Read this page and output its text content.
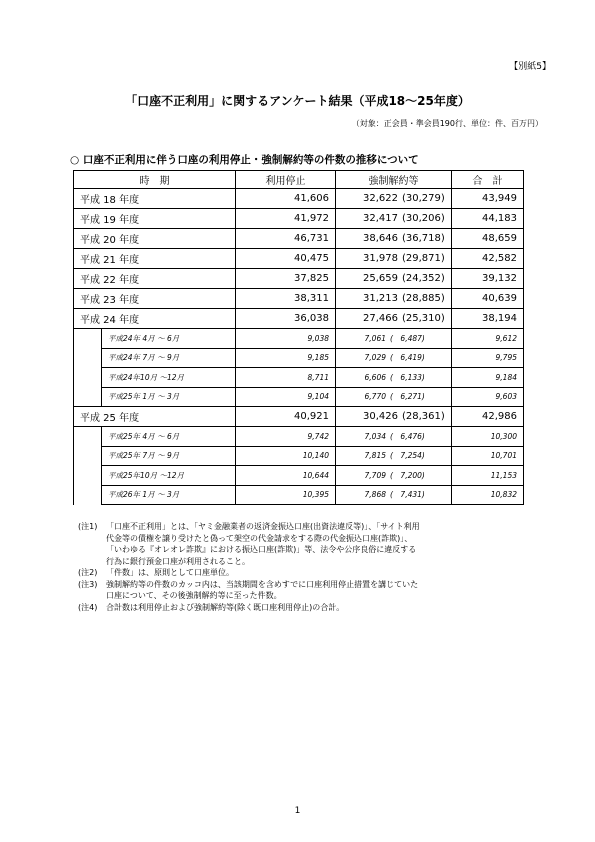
【別紙5】
「口座不正利用」に関するアンケート結果（平成18～25年度）
（対象：正会員・準会員190行、単位：件、百万円）
○ 口座不正利用に伴う口座の利用停止・強制解約等の件数の推移について
時　期		利用停止	強制解約等	合　計
平成 18 年度		41,606	32,622 (30,279)	43,949
平成 19 年度		41,972	32,417 (30,206)	44,183
平成 20 年度		46,731	38,646 (36,718)	48,659
平成 21 年度		40,475	31,978 (29,871)	42,582
平成 22 年度		37,825	25,659 (24,352)	39,132
平成 23 年度		38,311	31,213 (28,885)	40,639
平成 24 年度		36,038	27,466 (25,310)	38,194
	平成24年 4月 ～ 6月	9,038	7,061 (　6,487)	9,612
	平成24年 7月 ～ 9月	9,185	7,029 (　6,419)	9,795
	平成24年10月 ～12月	8,711	6,606 (　6,133)	9,184
	平成25年 1月 ～ 3月	9,104	6,770 (　6,271)	9,603
平成 25 年度		40,921	30,426 (28,361)	42,986
	平成25年 4月 ～ 6月	9,742	7,034 (　6,476)	10,300
	平成25年 7月 ～ 9月	10,140	7,815 (　7,254)	10,701
	平成25年10月 ～12月	10,644	7,709 (　7,200)	11,153
	平成26年 1月 ～ 3月	10,395	7,868 (　7,431)	10,832
(注1)	「口座不正利用」とは、「ヤミ金融業者の返済金振込口座(出資法違反等)」、「サイト利用
代金等の債権を譲り受けたと偽って架空の代金請求をする際の代金振込口座(詐欺)」、
「いわゆる『オレオレ詐欺』における振込口座(詐欺)」等、法令や公序良俗に違反する
行為に銀行預金口座が利用されること。
(注2)	「件数」は、原則として口座単位。
(注3)	強制解約等の件数のカッコ内は、当該期間を含めすでに口座利用停止措置を講じていた
口座について、その後強制解約等に至った件数。
(注4)	合計数は利用停止および強制解約等(除く既口座利用停止)の合計。
1
